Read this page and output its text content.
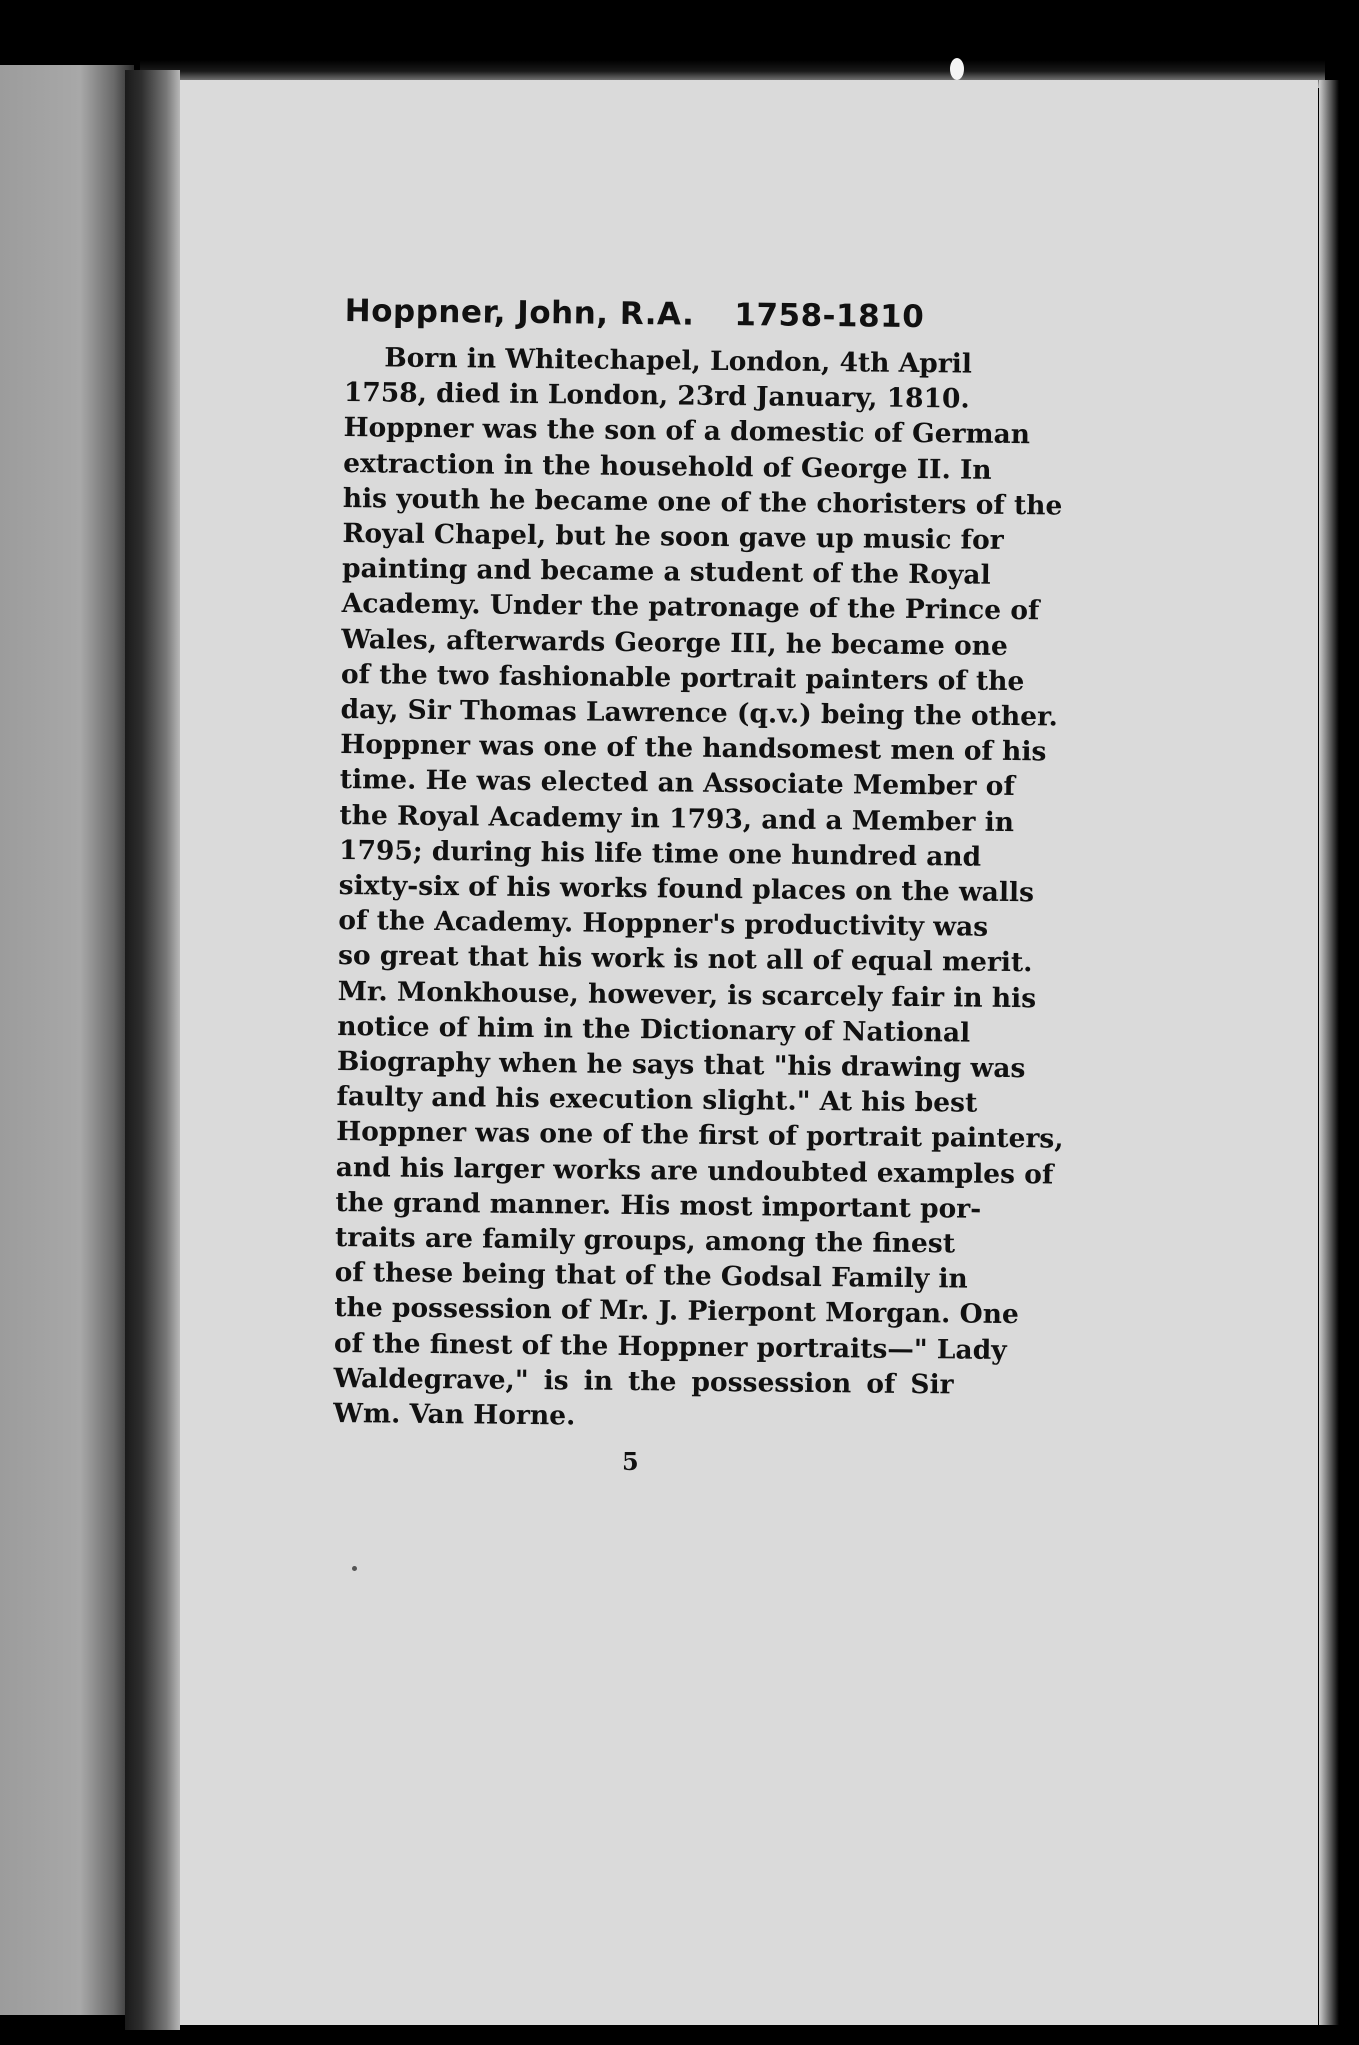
Hoppner, John, R.A. 1758-1810
Born in Whitechapel, London, 4th April
1758, died in London, 23rd January, 1810.
Hoppner was the son of a domestic of German
extraction in the household of George II. In
his youth he became one of the choristers of the
Royal Chapel, but he soon gave up music for
painting and became a student of the Royal
Academy. Under the patronage of the Prince of
Wales, afterwards George III, he became one
of the two fashionable portrait painters of the
day, Sir Thomas Lawrence (q.v.) being the other.
Hoppner was one of the handsomest men of his
time. He was elected an Associate Member of
the Royal Academy in 1793, and a Member in
1795; during his life time one hundred and
sixty-six of his works found places on the walls
of the Academy. Hoppner's productivity was
so great that his work is not all of equal merit.
Mr. Monkhouse, however, is scarcely fair in his
notice of him in the Dictionary of National
Biography when he says that "his drawing was
faulty and his execution slight." At his best
Hoppner was one of the first of portrait painters,
and his larger works are undoubted examples of
the grand manner. His most important por-
traits are family groups, among the finest
of these being that of the Godsal Family in
the possession of Mr. J. Pierpont Morgan. One
of the finest of the Hoppner portraits—" Lady
Waldegrave," is in the possession of Sir
Wm. Van Horne.
5
